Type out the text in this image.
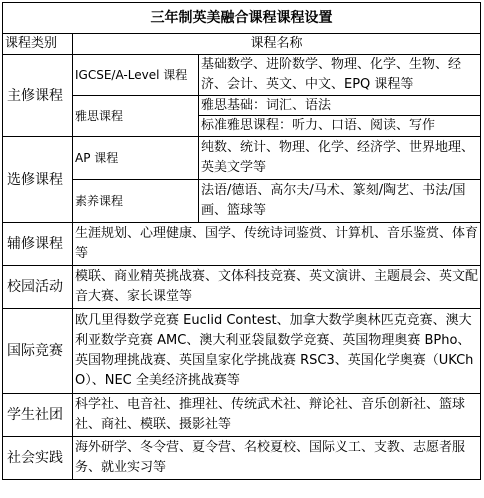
三年制英美融合课程课程设置		
课程类别	课程名称	
主修课程	IGCSE/A-Level 课程	基础数学、进阶数学、物理、化学、生物、经济、会计、英文、中文、EPQ 课程等

	雅思课程	雅思基础：词汇、语法
标准雅思课程：听力、口语、阅读、写作

选修课程	AP 课程	纯数、统计、物理、化学、经济学、世界地理、英美文学等
	素养课程	法语/德语、高尔夫/马术、篆刻/陶艺、书法/国画、篮球等
辅修课程	生涯规划、心理健康、国学、传统诗词鉴赏、计算机、音乐鉴赏、体育等	
校园活动	模联、商业精英挑战赛、文体科技竞赛、英文演讲、主题晨会、英文配音大赛、家长课堂等	
国际竞赛	欧几里得数学竞赛 Euclid Contest、加拿大数学奥林匹克竞赛、澳大利亚数学竞赛 AMC、澳大利亚袋鼠数学竞赛、英国物理奥赛 BPho、英国物理挑战赛、英国皇家化学挑战赛 RSC3、英国化学奥赛（UKChO）、NEC 全美经济挑战赛等	
学生社团	科学社、电音社、推理社、传统武术社、辩论社、音乐创新社、篮球社、商社、模联、摄影社等	
社会实践	海外研学、冬令营、夏令营、名校夏校、国际义工、支教、志愿者服务、就业实习等	
